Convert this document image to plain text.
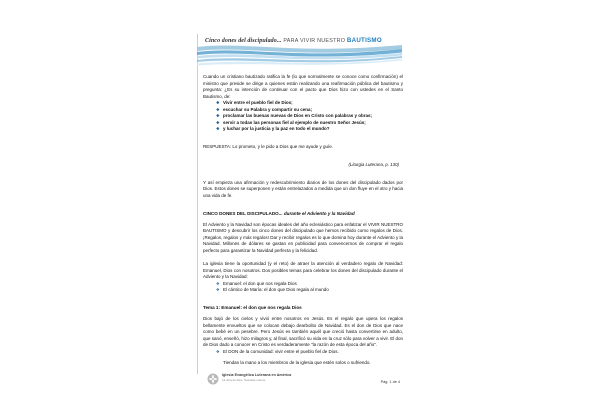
Cinco dones del discipulado... PARA VIVIR NUESTRO BAUTISMO

Cuando un cristiano bautizado ratifica la fe (lo que normalmente se conoce como confirmación) el ministro que preside se dirige a quienes están realizando una reafirmación pública del bautismo y pregunta: ¿Es su intención de continuar con el pacto que Dios hizo con ustedes en el Santo Bautismo, de:

❖ Vivir entre el pueblo fiel de Dios;
❖ escuchar su Palabra y compartir su cena;
❖ proclamar las buenas nuevas de Dios en Cristo con palabras y obras;
❖ servir a todas las personas fiel al ejemplo de nuestro Señor Jesús;
❖ y luchar por la justicia y la paz en todo el mundo?

RESPUESTA: Lo prometo, y le pido a Dios que me ayude y guíe.

(Liturgia Luterana, p. 130)

Y así empieza una afirmación y redescubrimiento diarios de los dones del discipulado dados por Dios. Estos dones se superponen y están entrelazados a medida que un don fluye en el otro y hacia una vida de fe.

CINCO DONES DEL DISCIPULADO... durante el Adviento y la Navidad

El Adviento y la Navidad son épocas ideales del año eclesiástico para enfatizar el VIVIR NUESTRO BAUTISMO y descubrir los cinco dones del discipulado que hemos recibido como regalos de Dios. ¡Regalos, regalos y más regalos! Dar y recibir regalos es lo que domina hoy durante el Adviento y la Navidad. Millones de dólares se gastan en publicidad para convencernos de comprar el regalo perfecto para garantizar la Navidad perfecta y la felicidad.

La iglesia tiene la oportunidad (y el reto) de atraer la atención al verdadero regalo de Navidad: Emanuel, Dios con nosotros. Dos posibles temas para celebrar los dones del discipulado durante el Adviento y la Navidad:

❖ Emanuel: el don que nos regala Dios
❖ El cántico de María: el don que Dios regala al mundo

Tema 1: Emanuel: el don que nos regala Dios

Dios bajó de los cielos y vivió entre nosotros en Jesús. Es el regalo que upera los regalos bellamente envueltos que se colocan debajo dearbolito de Navidad. Es el don de Dios que nace como bebé en un pesebre. Pero Jesús es también aquél que creció hasta convertirse en adulto, que sanó, enseñó, hizo milagros y, al final, sacrificó su vida en la cruz sólo para volver a vivir. El don de Dios dado a conocer en Cristo es verdaderamente "la razón de esta época del año".

❖ El DON de la comunidad: vivir entre el pueblo fiel de Dios.

Tiendan la mano a los miembros de la iglesia que estén solos o sufriendo.

Iglesia Evangélica Luterana en América
La obra de Dios. Nuestras manos.	Pág. 1 de 4
